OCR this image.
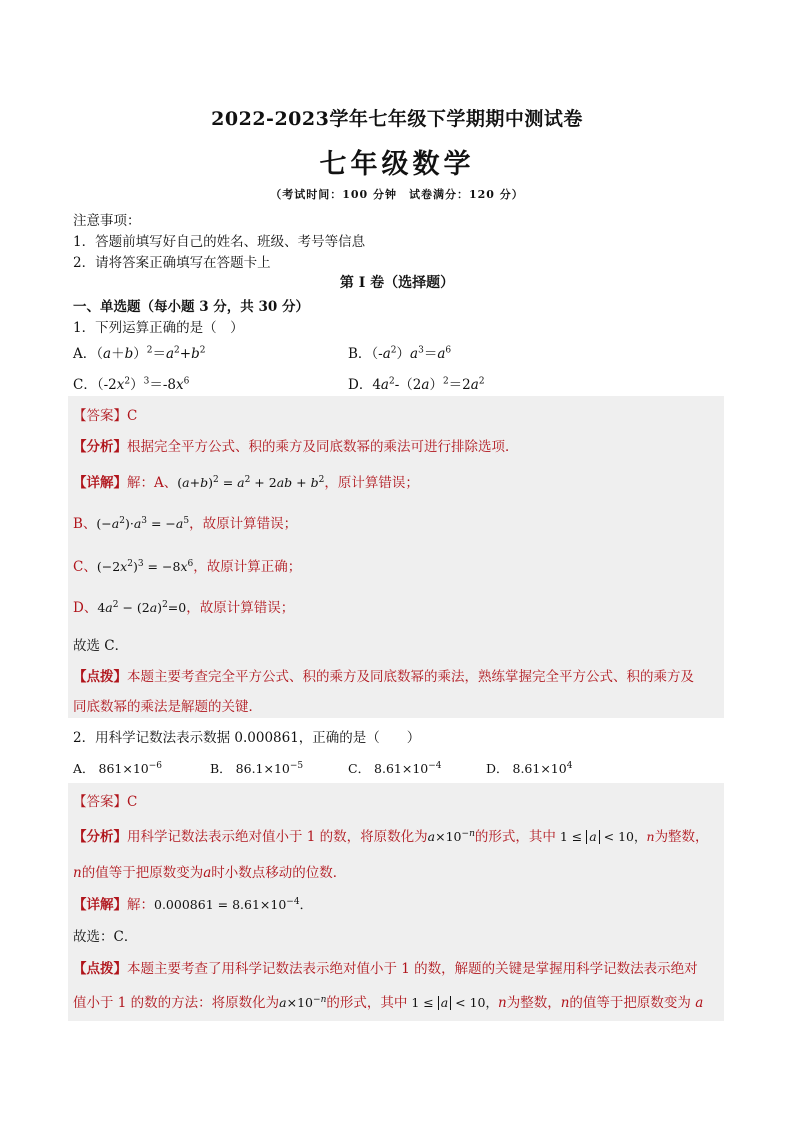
2022-2023学年七年级下学期期中测试卷
七年级数学
（考试时间：100 分钟　试卷满分：120 分）
注意事项：
1．答题前填写好自己的姓名、班级、考号等信息
2．请将答案正确填写在答题卡上
第 I 卷（选择题）
一、单选题（每小题 3 分，共 30 分）
1．下列运算正确的是（　）
A．$(a+b)^2=a^2+b^2$	B．$(-a^2)a^3=a^6$
C．$(-2x^2)^3=-8x^6$	D．$4a^2-(2a)^2=2a^2$
【答案】C
【分析】根据完全平方公式、积的乘方及同底数幂的乘法可进行排除选项．
【详解】解：A、$(a+b)^2 = a^2 + 2ab + b^2$，原计算错误；
B、$(-a^2)\cdot a^3 = -a^5$，故原计算错误；
C、$(-2x^2)^3 = -8x^6$，故原计算正确；
D、$4a^2 - (2a)^2=0$，故原计算错误；
故选 C．
【点拨】本题主要考查完全平方公式、积的乘方及同底数幂的乘法，熟练掌握完全平方公式、积的乘方及
同底数幂的乘法是解题的关键．
2．用科学记数法表示数据 0.000861，正确的是（　　）
A． $861\times 10^{-6}$	B． $86.1\times 10^{-5}$	C． $8.61\times 10^{-4}$	D． $8.61\times 10^4$
【答案】C
【分析】用科学记数法表示绝对值小于 1 的数，将原数化为$a\times 10^{-n}$的形式，其中 1 ≤ a < 10，n为整数，
n的值等于把原数变为a时小数点移动的位数．
【详解】解：$0.000861 = 8.61\times 10^{-4}$．
故选：C．
【点拨】本题主要考查了用科学记数法表示绝对值小于 1 的数，解题的关键是掌握用科学记数法表示绝对
值小于 1 的数的方法：将原数化为$a\times 10^{-n}$的形式，其中 1 ≤ a < 10，n为整数，n的值等于把原数变为 a
